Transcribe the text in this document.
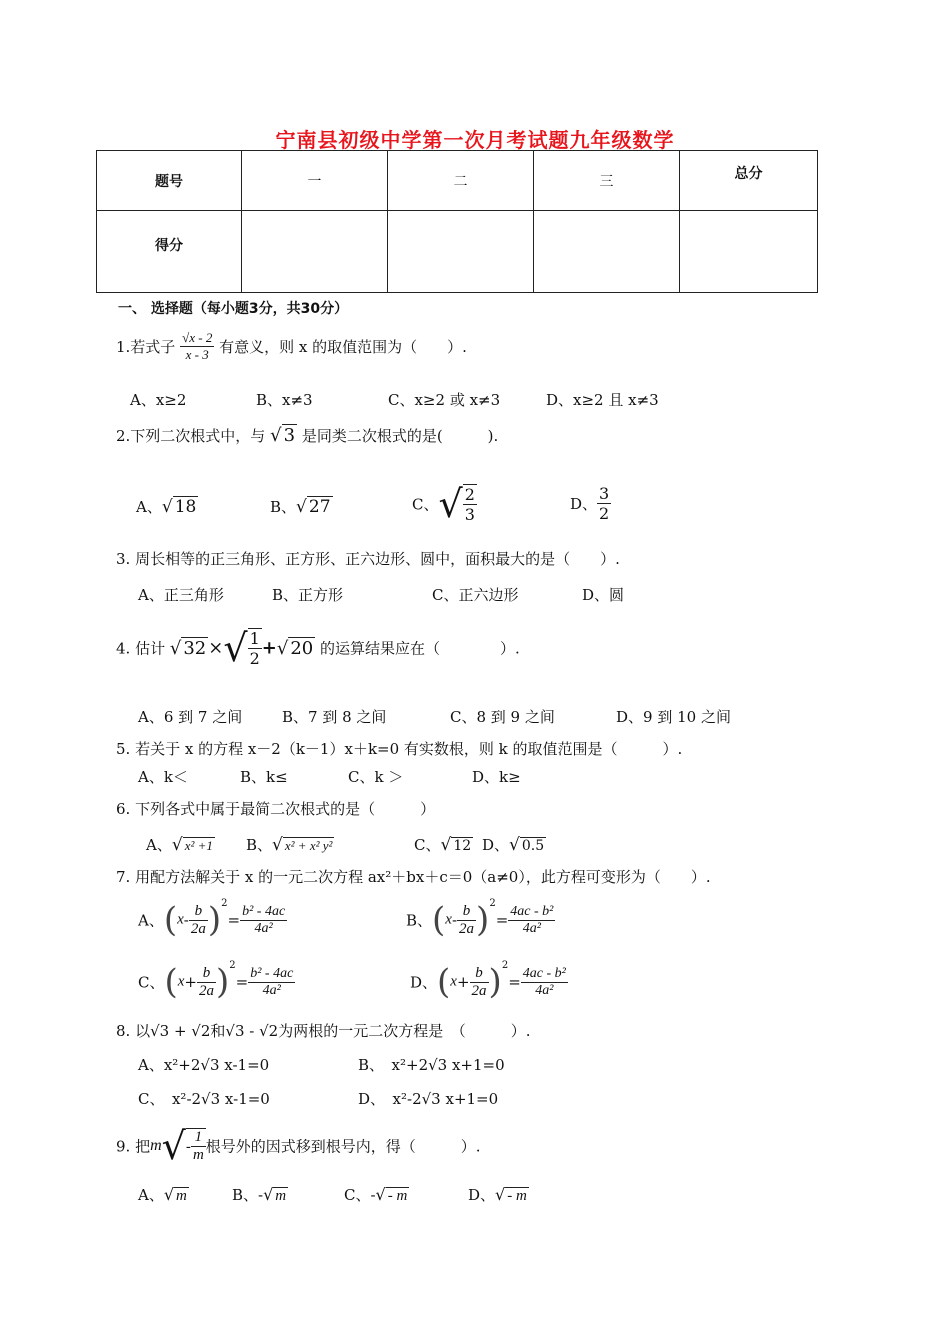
宁南县初级中学第一次月考试题九年级数学
题号	一	二	三	总分
得分				
一、 选择题（每小题3分，共30分）
1.若式子 $\frac{√x - 2}{x - 3}$ 有意义，则 x 的取值范围为（　　）.
A、x≥2	B、x≠3	C、x≥2 或 x≠3	D、x≥2 且 x≠3
2.下列二次根式中，与 √ 3 是同类二次根式的是(　　　).
A、√ 18	B、√ 27	C、√ $\frac{2}{3}$	D、 $\frac{3}{2}$
3. 周长相等的正三角形、正方形、正六边形、圆中，面积最大的是（　　）.
A、正三角形	B、正方形	C、正六边形	D、圆
4. 估计 √ 32 ×√ $\frac{1}{2}$ +√ 20 的运算结果应在（　　　　）.
A、6 到 7 之间	B、7 到 8 之间	C、8 到 9 之间	D、9 到 10 之间
5. 若关于 x 的方程 x－2（k－1）x＋k=0 有实数根，则 k 的取值范围是（　　　）.
A、k＜	B、k≤	C、k ＞	D、k≥
6. 下列各式中属于最简二次根式的是（　　　）
A、√ x² +1 B、√ x² + x² y²	C、√ 12 D、√ 0.5
7. 用配方法解关于 x 的一元二次方程 ax²＋bx＋c＝0（a≠0），此方程可变形为（　　）.
A、$(x- \frac{b}{2a} )^2= \frac{\text{b² - 4ac}}{\text{4a²}}$	B、$(x- \frac{b}{2a} )^2= \frac{\text{4ac - b²}}{\text{4a²}}$
C、$(x+ \frac{b}{2a} )^2= \frac{\text{b² - 4ac}}{\text{4a²}}$	D、$(x+ \frac{b}{2a} )^2= \frac{\text{4ac - b²}}{\text{4a²}}$
8. 以√3 + √2和√3 - √2为两根的一元二次方程是　（　　　）.
A、x²+2√3 x-1=0	B、　x²+2√3 x+1=0
C、　x²-2√3 x-1=0	D、　x²-2√3 x+1=0
9. 把$m√- \frac{1}{m}$ 根号外的因式移到根号内，得（　　　）.
A、√ m	B、-√ m	C、-√ - m	D、√ - m
